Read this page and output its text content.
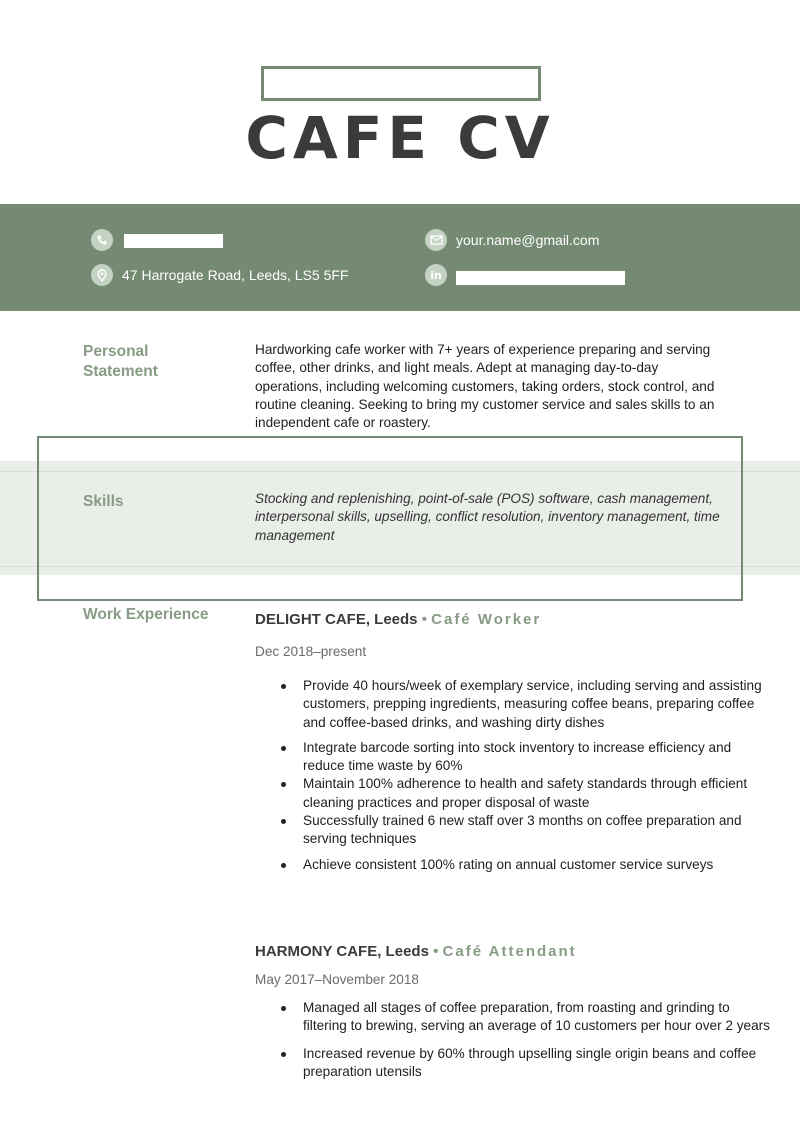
CAFE CV
47 Harrogate Road, Leeds, LS5 5FF
your.name@gmail.com
in
Personal Statement
Hardworking cafe worker with 7+ years of experience preparing and serving coffee, other drinks, and light meals. Adept at managing day-to-day operations, including welcoming customers, taking orders, stock control, and routine cleaning. Seeking to bring my customer service and sales skills to an independent cafe or roastery.
Skills	Stocking and replenishing, point-of-sale (POS) software, cash management, interpersonal skills, upselling, conflict resolution, inventory management, time management
Work Experience	DELIGHT CAFE, Leeds • Café Worker
Dec 2018–present
Provide 40 hours/week of exemplary service, including serving and assisting customers, prepping ingredients, measuring coffee beans, preparing coffee and coffee-based drinks, and washing dirty dishes
Integrate barcode sorting into stock inventory to increase efficiency and reduce time waste by 60%
Maintain 100% adherence to health and safety standards through efficient cleaning practices and proper disposal of waste
Successfully trained 6 new staff over 3 months on coffee preparation and serving techniques
Achieve consistent 100% rating on annual customer service surveys
HARMONY CAFE, Leeds • Café Attendant
May 2017–November 2018
Managed all stages of coffee preparation, from roasting and grinding to filtering to brewing, serving an average of 10 customers per hour over 2 years
Increased revenue by 60% through upselling single origin beans and coffee preparation utensils
